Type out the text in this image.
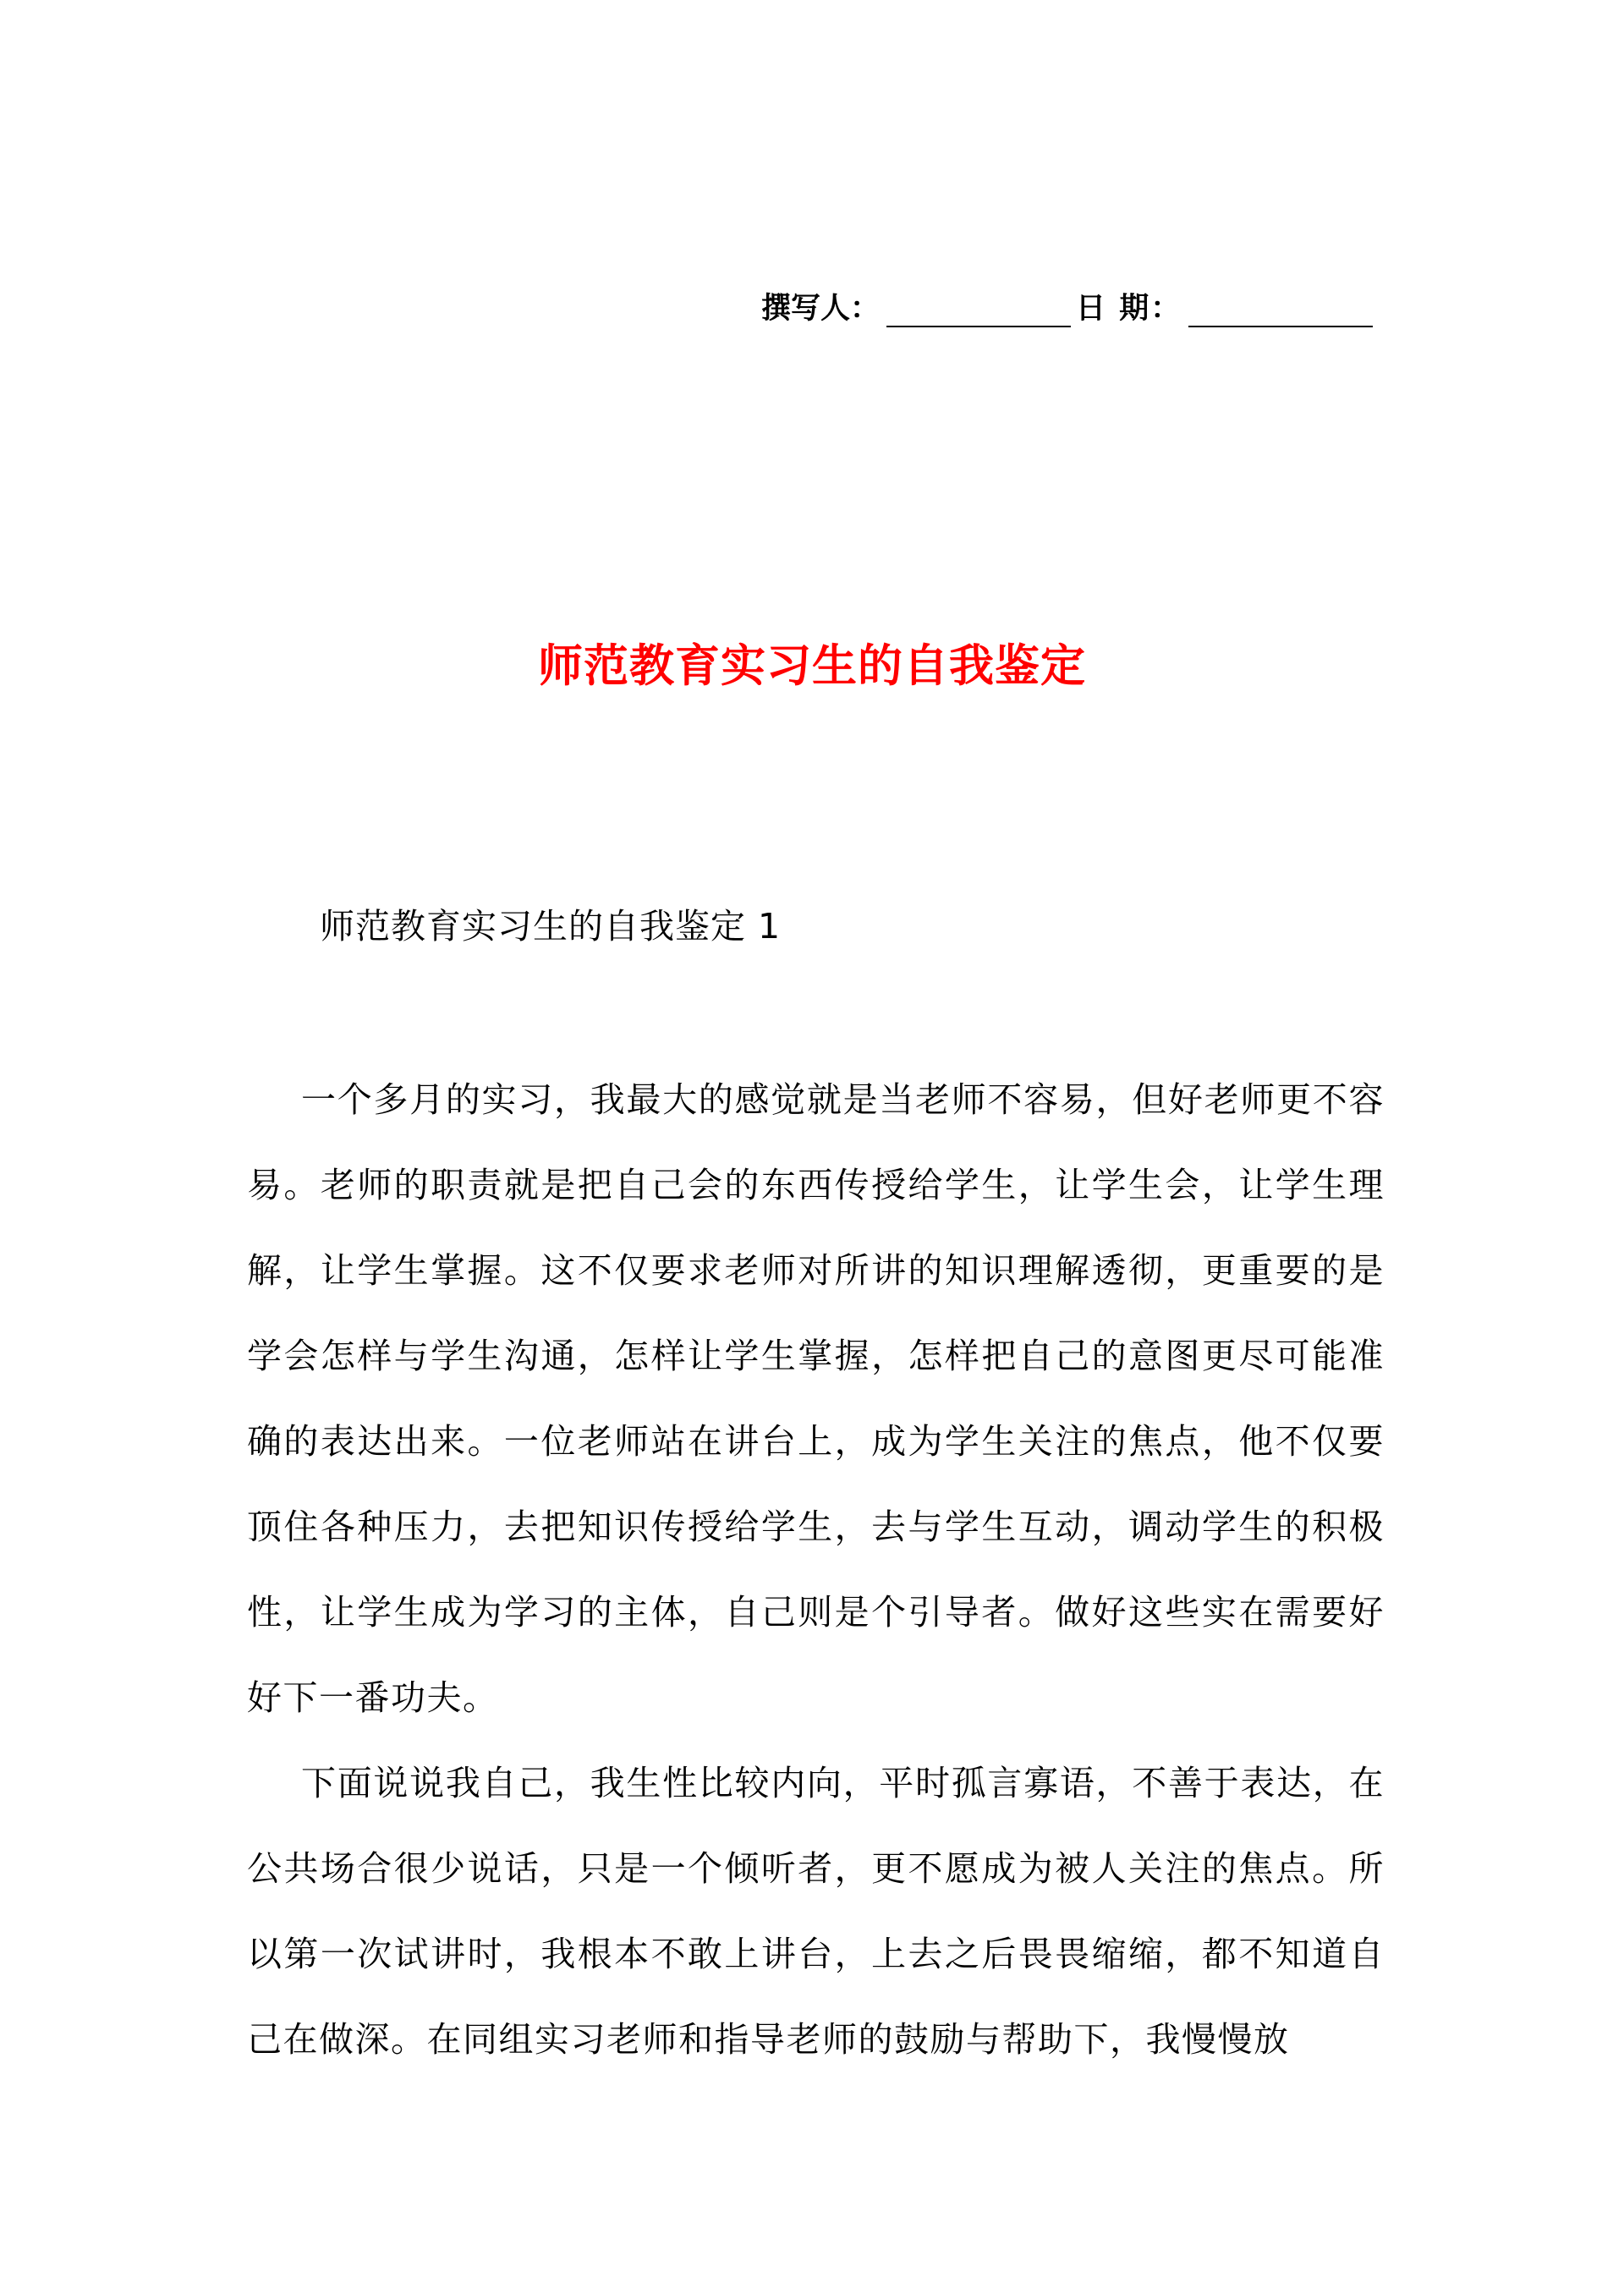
撰写人：	日 期：
师范教育实习生的自我鉴定
师范教育实习生的自我鉴定 1

一个多月的实习，我最大的感觉就是当老师不容易，但好老师更不容易。老师的职责就是把自己会的东西传授给学生，让学生会，让学生理解，让学生掌握。这不仅要求老师对所讲的知识理解透彻，更重要的是学会怎样与学生沟通，怎样让学生掌握，怎样把自己的意图更尽可能准确的表达出来。一位老师站在讲台上，成为学生关注的焦点，他不仅要顶住各种压力，去把知识传授给学生，去与学生互动，调动学生的积极性，让学生成为学习的主体，自己则是个引导者。做好这些实在需要好好下一番功夫。

下面说说我自己，我生性比较内向，平时孤言寡语，不善于表达，在公共场合很少说话，只是一个倾听者，更不愿成为被人关注的焦点。所以第一次试讲时，我根本不敢上讲台，上去之后畏畏缩缩，都不知道自己在做深。在同组实习老师和指导老师的鼓励与帮助下，我慢慢放
